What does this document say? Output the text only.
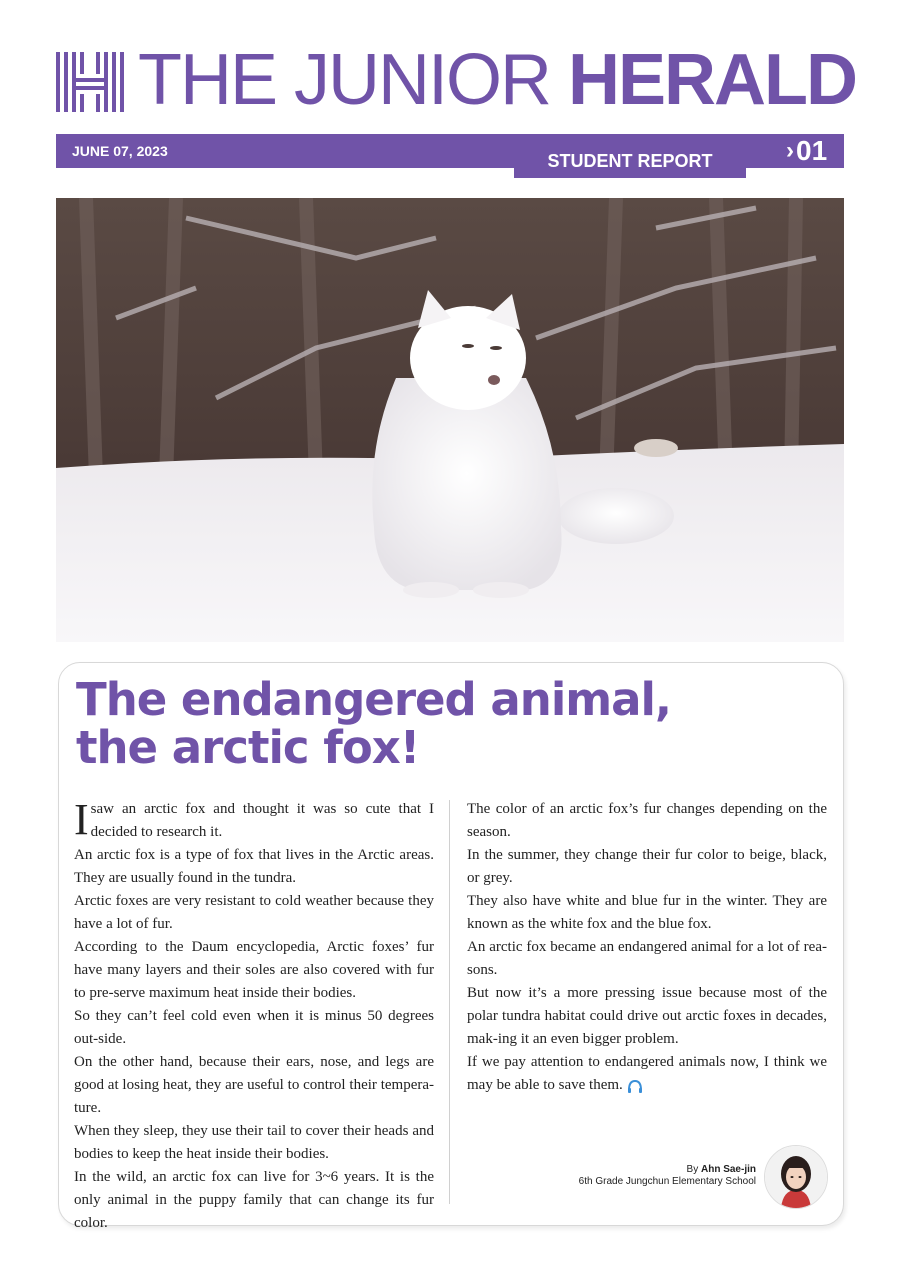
THE JUNIOR HERALD
JUNE 07, 2023	STUDENT REPORT	› 01
The endangered animal,
the arctic fox!

I saw an arctic fox and thought it was so cute that I decided to research it.

An arctic fox is a type of fox that lives in the Arctic areas. They are usually found in the tundra.

Arctic foxes are very resistant to cold weather because they have a lot of fur.

According to the Daum encyclopedia, Arctic foxes’ fur have many layers and their soles are also covered with fur to pre-serve maximum heat inside their bodies.

So they can’t feel cold even when it is minus 50 degrees out-side.

On the other hand, because their ears, nose, and legs are good at losing heat, they are useful to control their tempera-ture.

When they sleep, they use their tail to cover their heads and bodies to keep the heat inside their bodies.

In the wild, an arctic fox can live for 3~6 years. It is the only animal in the puppy family that can change its fur color.

The color of an arctic fox’s fur changes depending on the season.

In the summer, they change their fur color to beige, black, or grey.

They also have white and blue fur in the winter. They are known as the white fox and the blue fox.

An arctic fox became an endangered animal for a lot of rea-sons.

But now it’s a more pressing issue because most of the polar tundra habitat could drive out arctic foxes in decades, mak-ing it an even bigger problem.

If we pay attention to endangered animals now, I think we may be able to save them.

By Ahn Sae-jin
6th Grade Jungchun Elementary School
